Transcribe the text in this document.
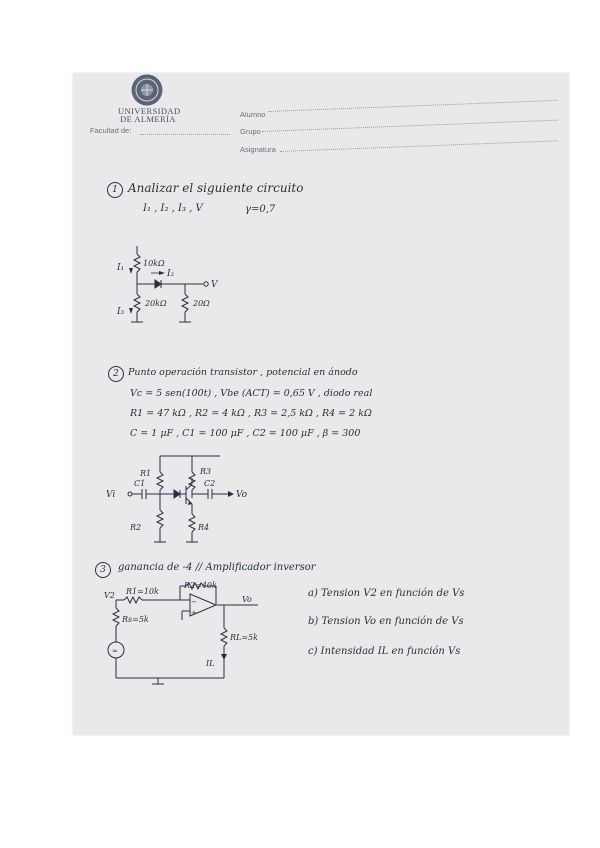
UNIVERSIDAD
DE ALMERÍA
Facultad de:
Alumno
Grupo
Asignatura
1 Analizar el siguiente circuito
I₁ , I₂ , I₃ , V	γ=0,7
10kΩ
20kΩ	20Ω
I₁
I₂
I₃
V
2 Punto operación transistor , potencial en ánodo
Vc = 5 sen(100t) , Vbe (ACT) = 0,65 V , diodo real
R1 = 47 kΩ , R2 = 4 kΩ , R3 = 2,5 kΩ , R4 = 2 kΩ
C = 1 μF , C1 = 100 μF , C2 = 100 μF , β = 300
R1	R3
R2	R4
C1	C2
Vi	Vo
3	ganancia de -4 // Amplificador inversor
−
+
≈
V2 R1=10k
R2=40k
Rs=5k
RL=5k
Vo
IL
a) Tension V2 en función de Vs
b) Tension Vo en función de Vs
c) Intensidad IL en función Vs
